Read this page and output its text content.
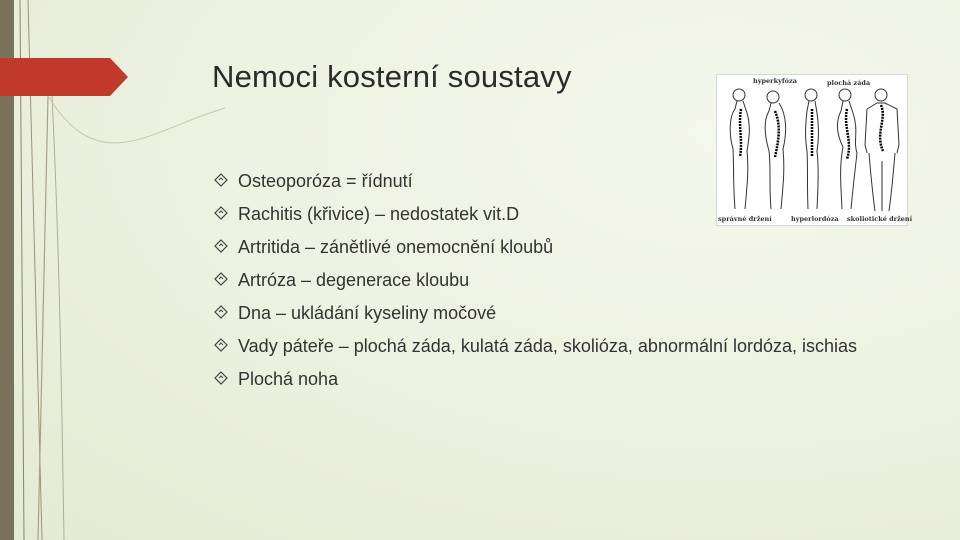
Nemoci kosterní soustavy
Osteoporóza = řídnutí
Rachitis (křivice) – nedostatek vit.D
Artritida – zánětlivé onemocnění kloubů
Artróza – degenerace kloubu
Dna – ukládání kyseliny močové
Vady páteře – plochá záda, kulatá záda, skolióza, abnormální lordóza, ischias
Plochá noha
hyperkyfóza	plochá záda
správné držení	hyperlordóza skoliotické držení
